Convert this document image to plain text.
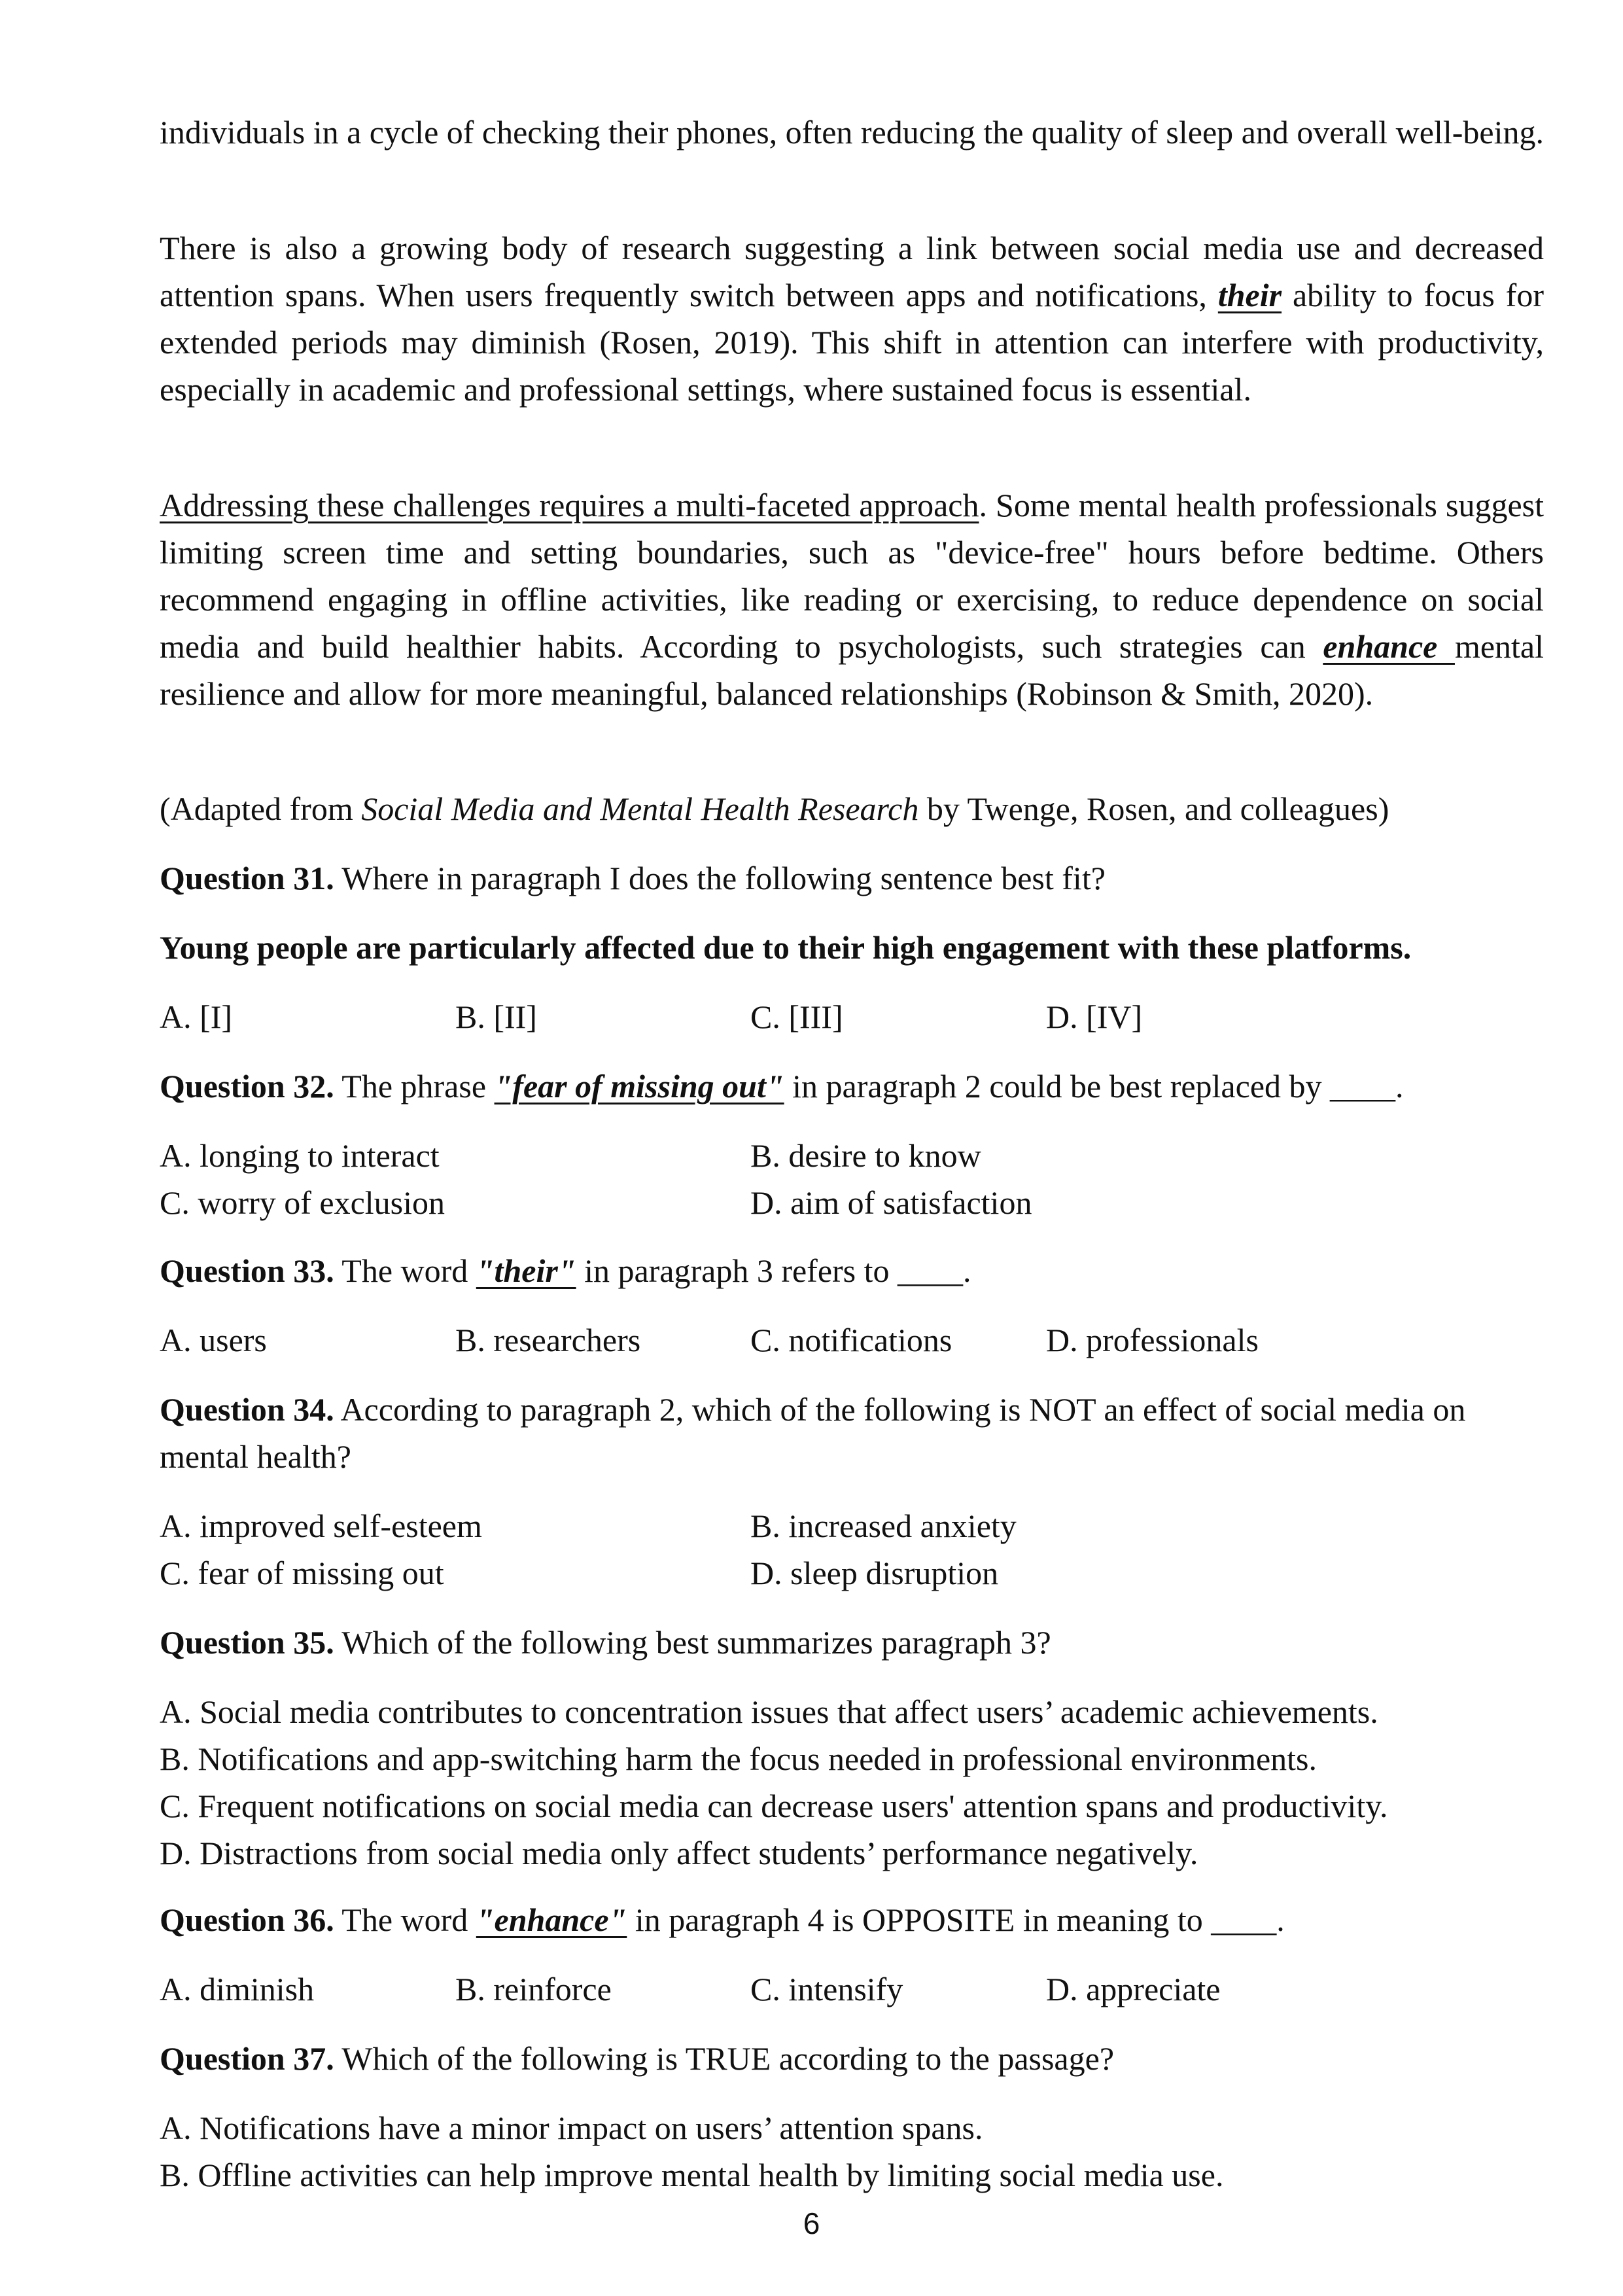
individuals in a cycle of checking their phones, often reducing the quality of sleep and overall well-being.

There is also a growing body of research suggesting a link between social media use and decreased attention spans. When users frequently switch between apps and notifications, their ability to focus for extended periods may diminish (Rosen, 2019). This shift in attention can interfere with productivity, especially in academic and professional settings, where sustained focus is essential.

Addressing these challenges requires a multi-faceted approach. Some mental health professionals suggest limiting screen time and setting boundaries, such as "device-free" hours before bedtime. Others recommend engaging in offline activities, like reading or exercising, to reduce dependence on social media and build healthier habits. According to psychologists, such strategies can enhance mental resilience and allow for more meaningful, balanced relationships (Robinson & Smith, 2020).

(Adapted from Social Media and Mental Health Research by Twenge, Rosen, and colleagues)

Question 31. Where in paragraph I does the following sentence best fit?

Young people are particularly affected due to their high engagement with these platforms.

A. [I]	B. [II]	C. [III]	D. [IV]

Question 32. The phrase "fear of missing out" in paragraph 2 could be best replaced by ____.

A. longing to interact	B. desire to know
C. worry of exclusion	D. aim of satisfaction

Question 33. The word "their" in paragraph 3 refers to ____.

A. users	B. researchers	C. notifications	D. professionals

Question 34. According to paragraph 2, which of the following is NOT an effect of social media on mental health?

A. improved self-esteem	B. increased anxiety
C. fear of missing out	D. sleep disruption

Question 35. Which of the following best summarizes paragraph 3?

A. Social media contributes to concentration issues that affect users’ academic achievements.
B. Notifications and app-switching harm the focus needed in professional environments.
C. Frequent notifications on social media can decrease users' attention spans and productivity.
D. Distractions from social media only affect students’ performance negatively.

Question 36. The word "enhance" in paragraph 4 is OPPOSITE in meaning to ____.

A. diminish	B. reinforce	C. intensify	D. appreciate

Question 37. Which of the following is TRUE according to the passage?

A. Notifications have a minor impact on users’ attention spans.
B. Offline activities can help improve mental health by limiting social media use.
6
